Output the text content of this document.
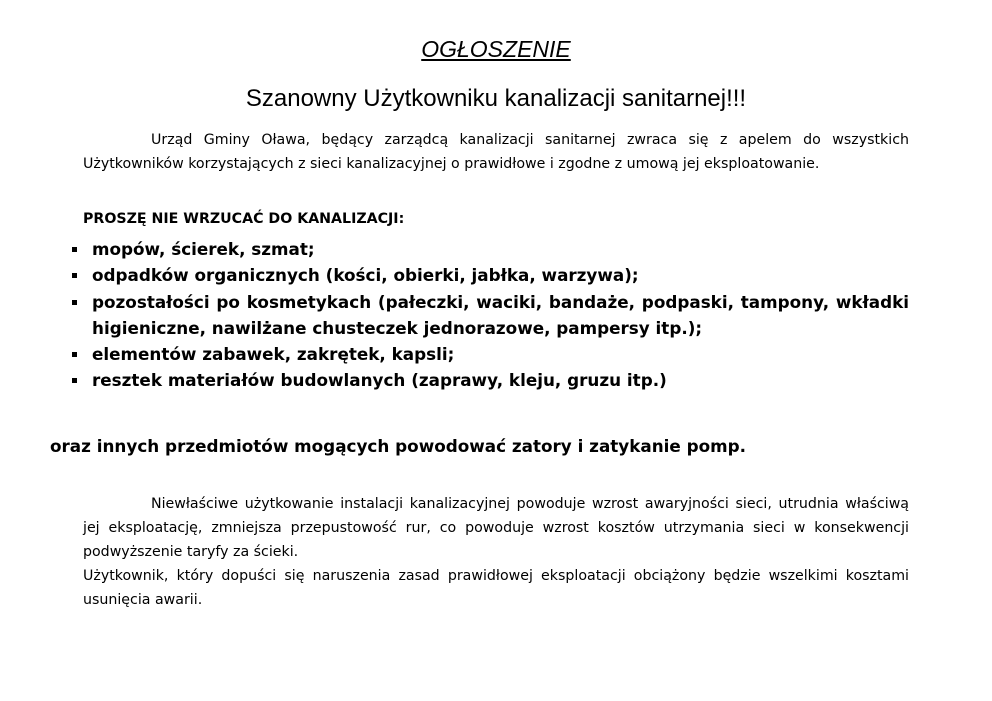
OGŁOSZENIE
Szanowny Użytkowniku kanalizacji sanitarnej!!!

Urząd Gminy Oława, będący zarządcą kanalizacji sanitarnej zwraca się z apelem do wszystkich Użytkowników korzystających z sieci kanalizacyjnej o prawidłowe i zgodne z umową jej eksploatowanie.

PROSZĘ NIE WRZUCAĆ DO KANALIZACJI:
mopów, ścierek, szmat;
odpadków organicznych (kości, obierki, jabłka, warzywa);
pozostałości po kosmetykach (pałeczki, waciki, bandaże, podpaski, tampony, wkładki higieniczne, nawilżane chusteczek jednorazowe, pampersy itp.);
elementów zabawek, zakrętek, kapsli;
resztek materiałów budowlanych (zaprawy, kleju, gruzu itp.)
oraz innych przedmiotów mogących powodować zatory i zatykanie pomp.

Niewłaściwe użytkowanie instalacji kanalizacyjnej powoduje wzrost awaryjności sieci, utrudnia właściwą jej eksploatację, zmniejsza przepustowość rur, co powoduje wzrost kosztów utrzymania sieci w konsekwencji podwyższenie taryfy za ścieki.

Użytkownik, który dopuści się naruszenia zasad prawidłowej eksploatacji obciążony będzie wszelkimi kosztami usunięcia awarii.
